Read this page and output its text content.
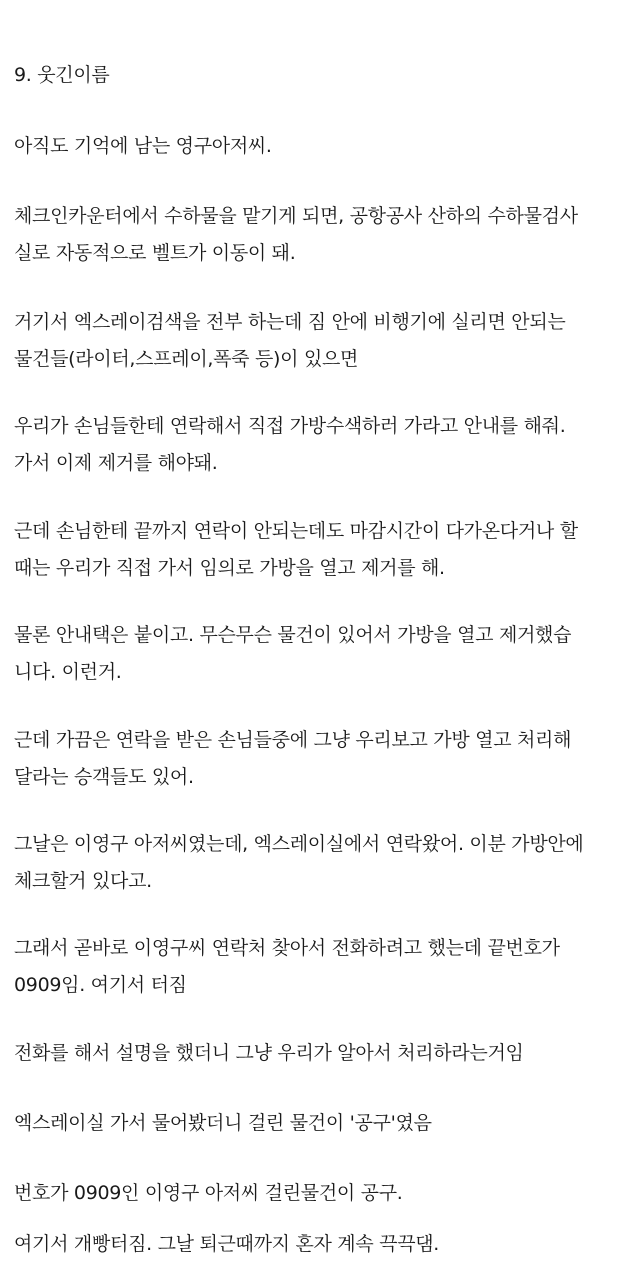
9. 웃긴이름

아직도 기억에 남는 영구아저씨.

체크인카운터에서 수하물을 맡기게 되면, 공항공사 산하의 수하물검사
실로 자동적으로 벨트가 이동이 돼.

거기서 엑스레이검색을 전부 하는데 짐 안에 비행기에 실리면 안되는
물건들(라이터,스프레이,폭죽 등)이 있으면

우리가 손님들한테 연락해서 직접 가방수색하러 가라고 안내를 해줘.
가서 이제 제거를 해야돼.

근데 손님한테 끝까지 연락이 안되는데도 마감시간이 다가온다거나 할
때는 우리가 직접 가서 임의로 가방을 열고 제거를 해.

물론 안내택은 붙이고. 무슨무슨 물건이 있어서 가방을 열고 제거했습
니다. 이런거.

근데 가끔은 연락을 받은 손님들중에 그냥 우리보고 가방 열고 처리해
달라는 승객들도 있어.

그날은 이영구 아저씨였는데, 엑스레이실에서 연락왔어. 이분 가방안에
체크할거 있다고.

그래서 곧바로 이영구씨 연락처 찾아서 전화하려고 했는데 끝번호가
0909임. 여기서 터짐

전화를 해서 설명을 했더니 그냥 우리가 알아서 처리하라는거임

엑스레이실 가서 물어봤더니 걸린 물건이 '공구'였음

번호가 0909인 이영구 아저씨 걸린물건이 공구.

여기서 개빵터짐. 그날 퇴근때까지 혼자 계속 끅끅댐.
